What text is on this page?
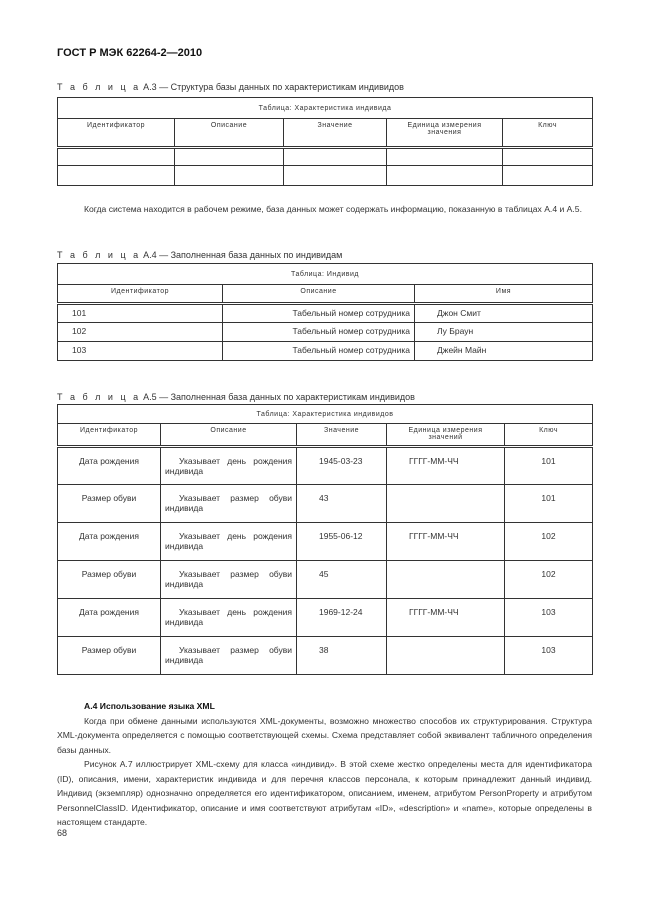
ГОСТ Р МЭК 62264-2—2010
Т а б л и ц а А.3 — Структура базы данных по характеристикам индивидов
Таблица: Характеристика индивида				
Идентификатор	Описание	Значение	Единица измерения значения	Ключ

Когда система находится в рабочем режиме, база данных может содержать информацию, показанную в таблицах А.4 и А.5.

Т а б л и ц а А.4 — Заполненная база данных по индивидам
Таблица: Индивид		
Идентификатор	Описание	Имя
101	Табельный номер сотрудника	Джон Смит
102	Табельный номер сотрудника	Лу Браун
103	Табельный номер сотрудника	Джейн Майн
Т а б л и ц а А.5 — Заполненная база данных по характеристикам индивидов
Таблица: Характеристика индивидов				
Идентификатор	Описание	Значение	Единица измерения значений	Ключ
Дата рождения	Указывает день рождения индивида	1945-03-23	ГГГГ-ММ-ЧЧ	101
Размер обуви	Указывает размер обуви индивида	43		101
Дата рождения	Указывает день рождения индивида	1955-06-12	ГГГГ-ММ-ЧЧ	102
Размер обуви	Указывает размер обуви индивида	45		102
Дата рождения	Указывает день рождения индивида	1969-12-24	ГГГГ-ММ-ЧЧ	103
Размер обуви	Указывает размер обуви индивида	38		103
А.4 Использование языка XML

Когда при обмене данными используются XML-документы, возможно множество способов их структурирования. Структура XML-документа определяется с помощью соответствующей схемы. Схема представляет собой эквивалент табличного определения базы данных.

Рисунок А.7 иллюстрирует XML-схему для класса «индивид». В этой схеме жестко определены места для идентификатора (ID), описания, имени, характеристик индивида и для перечня классов персонала, к которым принадлежит данный индивид. Индивид (экземпляр) однозначно определяется его идентификатором, описанием, именем, атрибутом PersonProperty и атрибутом PersonnelClassID. Идентификатор, описание и имя соответствуют атрибутам «ID», «description» и «name», которые определены в настоящем стандарте.

68
